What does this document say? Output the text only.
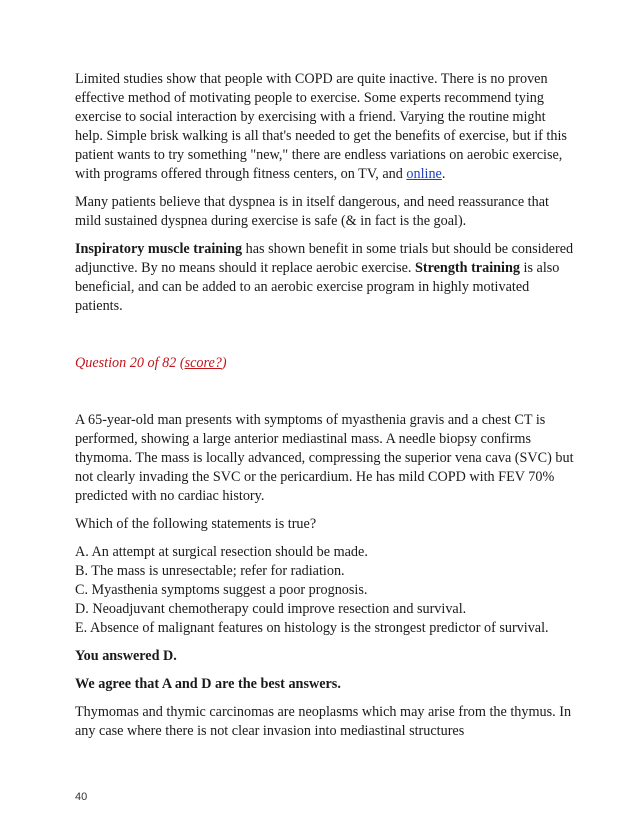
Limited studies show that people with COPD are quite inactive. There is no proven effective method of motivating people to exercise. Some experts recommend tying exercise to social interaction by exercising with a friend. Varying the routine might help. Simple brisk walking is all that's needed to get the benefits of exercise, but if this patient wants to try something "new," there are endless variations on aerobic exercise, with programs offered through fitness centers, on TV, and online.

Many patients believe that dyspnea is in itself dangerous, and need reassurance that mild sustained dyspnea during exercise is safe (& in fact is the goal).

Inspiratory muscle training has shown benefit in some trials but should be considered adjunctive. By no means should it replace aerobic exercise. Strength training is also beneficial, and can be added to an aerobic exercise program in highly motivated patients.

Question 20 of 82 (score?)

A 65-year-old man presents with symptoms of myasthenia gravis and a chest CT is performed, showing a large anterior mediastinal mass. A needle biopsy confirms thymoma. The mass is locally advanced, compressing the superior vena cava (SVC) but not clearly invading the SVC or the pericardium. He has mild COPD with FEV 70% predicted with no cardiac history.

Which of the following statements is true?

A. An attempt at surgical resection should be made.

B. The mass is unresectable; refer for radiation.

C. Myasthenia symptoms suggest a poor prognosis.

D. Neoadjuvant chemotherapy could improve resection and survival.

E. Absence of malignant features on histology is the strongest predictor of survival.

You answered D.

We agree that A and D are the best answers.

Thymomas and thymic carcinomas are neoplasms which may arise from the thymus. In any case where there is not clear invasion into mediastinal structures

40
